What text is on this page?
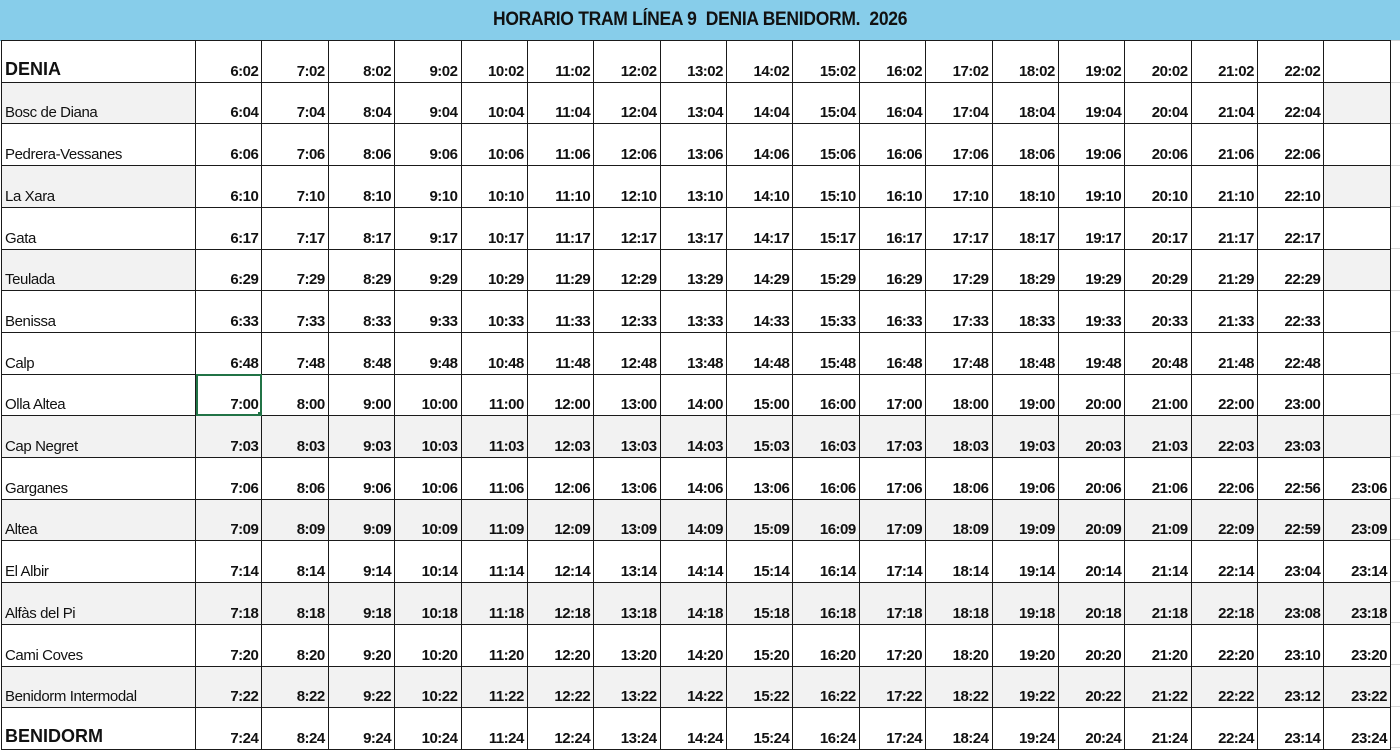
HORARIO TRAM LÍNEA 9  DENIA BENIDORM.  2026
DENIA	6:02	7:02	8:02	9:02	10:02	11:02	12:02	13:02	14:02	15:02	16:02	17:02	18:02	19:02	20:02	21:02	22:02	
Bosc de Diana	6:04	7:04	8:04	9:04	10:04	11:04	12:04	13:04	14:04	15:04	16:04	17:04	18:04	19:04	20:04	21:04	22:04	
Pedrera-Vessanes	6:06	7:06	8:06	9:06	10:06	11:06	12:06	13:06	14:06	15:06	16:06	17:06	18:06	19:06	20:06	21:06	22:06	
La Xara	6:10	7:10	8:10	9:10	10:10	11:10	12:10	13:10	14:10	15:10	16:10	17:10	18:10	19:10	20:10	21:10	22:10	
Gata	6:17	7:17	8:17	9:17	10:17	11:17	12:17	13:17	14:17	15:17	16:17	17:17	18:17	19:17	20:17	21:17	22:17	
Teulada	6:29	7:29	8:29	9:29	10:29	11:29	12:29	13:29	14:29	15:29	16:29	17:29	18:29	19:29	20:29	21:29	22:29	
Benissa	6:33	7:33	8:33	9:33	10:33	11:33	12:33	13:33	14:33	15:33	16:33	17:33	18:33	19:33	20:33	21:33	22:33	
Calp	6:48	7:48	8:48	9:48	10:48	11:48	12:48	13:48	14:48	15:48	16:48	17:48	18:48	19:48	20:48	21:48	22:48	
Olla Altea	7:00	8:00	9:00	10:00	11:00	12:00	13:00	14:00	15:00	16:00	17:00	18:00	19:00	20:00	21:00	22:00	23:00	
Cap Negret	7:03	8:03	9:03	10:03	11:03	12:03	13:03	14:03	15:03	16:03	17:03	18:03	19:03	20:03	21:03	22:03	23:03	
Garganes	7:06	8:06	9:06	10:06	11:06	12:06	13:06	14:06	13:06	16:06	17:06	18:06	19:06	20:06	21:06	22:06	22:56	23:06
Altea	7:09	8:09	9:09	10:09	11:09	12:09	13:09	14:09	15:09	16:09	17:09	18:09	19:09	20:09	21:09	22:09	22:59	23:09
El Albir	7:14	8:14	9:14	10:14	11:14	12:14	13:14	14:14	15:14	16:14	17:14	18:14	19:14	20:14	21:14	22:14	23:04	23:14
Alfàs del Pi	7:18	8:18	9:18	10:18	11:18	12:18	13:18	14:18	15:18	16:18	17:18	18:18	19:18	20:18	21:18	22:18	23:08	23:18
Cami Coves	7:20	8:20	9:20	10:20	11:20	12:20	13:20	14:20	15:20	16:20	17:20	18:20	19:20	20:20	21:20	22:20	23:10	23:20
Benidorm Intermodal	7:22	8:22	9:22	10:22	11:22	12:22	13:22	14:22	15:22	16:22	17:22	18:22	19:22	20:22	21:22	22:22	23:12	23:22
BENIDORM	7:24	8:24	9:24	10:24	11:24	12:24	13:24	14:24	15:24	16:24	17:24	18:24	19:24	20:24	21:24	22:24	23:14	23:24
